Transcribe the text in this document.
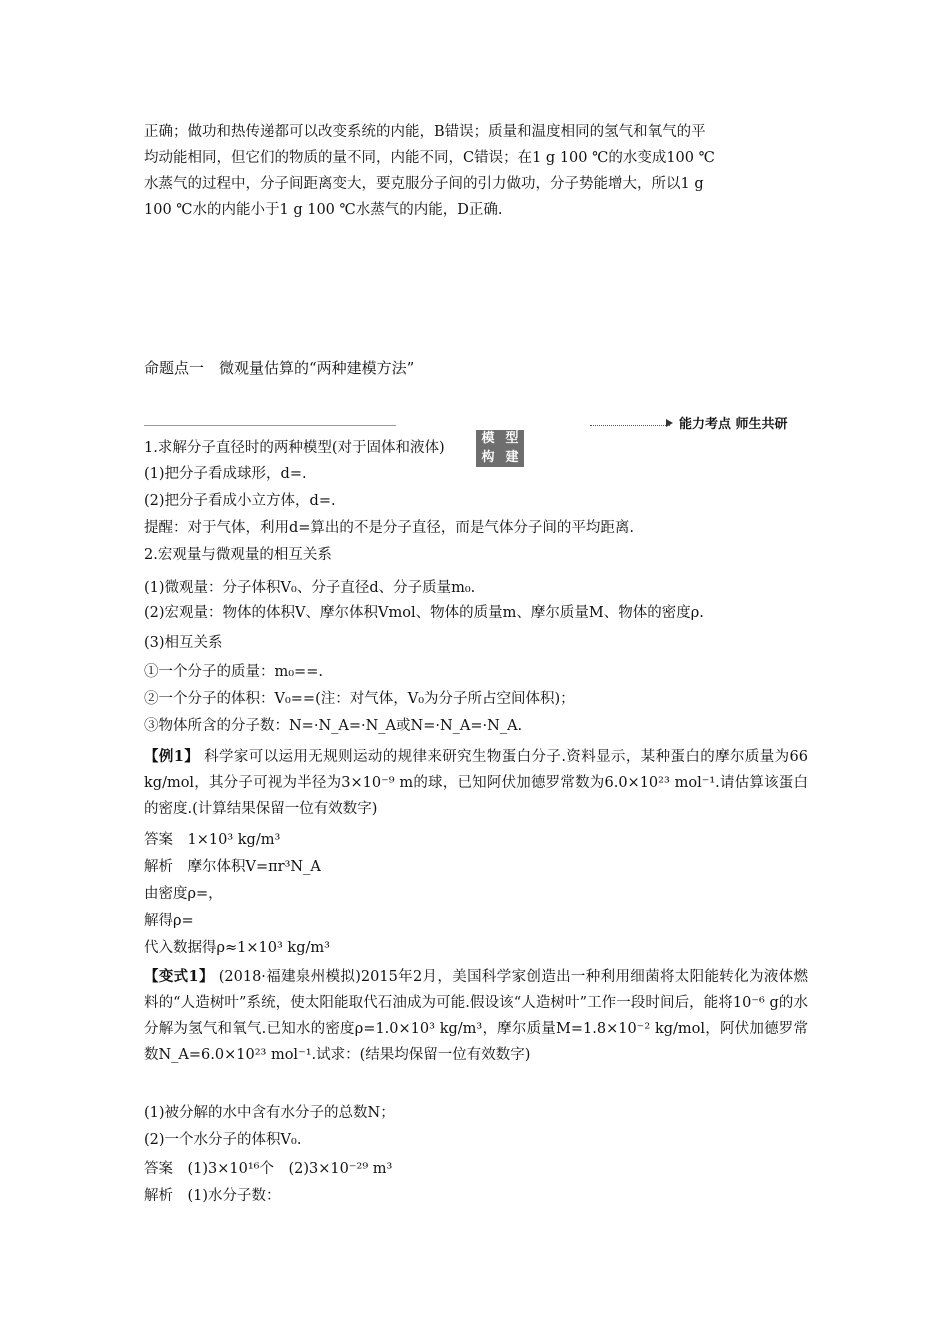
正确；做功和热传递都可以改变系统的内能，B错误；质量和温度相同的氢气和氧气的平
均动能相同，但它们的物质的量不同，内能不同，C错误；在1 g 100 ℃的水变成100 ℃
水蒸气的过程中，分子间距离变大，要克服分子间的引力做功，分子势能增大，所以1 g
100 ℃水的内能小于1 g 100 ℃水蒸气的内能，D正确.
命题点一　微观量估算的“两种建模方法”
能力考点 师生共研
模 型
构 建
1.求解分子直径时的两种模型(对于固体和液体)
(1)把分子看成球形，d=.
(2)把分子看成小立方体，d=.
提醒：对于气体，利用d=算出的不是分子直径，而是气体分子间的平均距离.
2.宏观量与微观量的相互关系
(1)微观量：分子体积V₀、分子直径d、分子质量m₀.
(2)宏观量：物体的体积V、摩尔体积Vmol、物体的质量m、摩尔质量M、物体的密度ρ.
(3)相互关系
①一个分子的质量：m₀==.
②一个分子的体积：V₀==(注：对气体，V₀为分子所占空间体积)；
③物体所含的分子数：N=·N_A=·N_A或N=·N_A=·N_A.
【例1】 科学家可以运用无规则运动的规律来研究生物蛋白分子.资料显示，某种蛋白的摩尔质量为66 kg/mol，其分子可视为半径为3×10⁻⁹ m的球，已知阿伏加德罗常数为6.0×10²³ mol⁻¹.请估算该蛋白的密度.(计算结果保留一位有效数字)
答案　1×10³ kg/m³
解析　摩尔体积V=πr³N_A
由密度ρ=，
解得ρ=
代入数据得ρ≈1×10³ kg/m³
【变式1】 (2018·福建泉州模拟)2015年2月，美国科学家创造出一种利用细菌将太阳能转化为液体燃料的“人造树叶”系统，使太阳能取代石油成为可能.假设该“人造树叶”工作一段时间后，能将10⁻⁶ g的水分解为氢气和氧气.已知水的密度ρ=1.0×10³ kg/m³，摩尔质量M=1.8×10⁻² kg/mol，阿伏加德罗常数N_A=6.0×10²³ mol⁻¹.试求：(结果均保留一位有效数字)
(1)被分解的水中含有水分子的总数N；
(2)一个水分子的体积V₀.
答案　(1)3×10¹⁶个　(2)3×10⁻²⁹ m³
解析　(1)水分子数：
